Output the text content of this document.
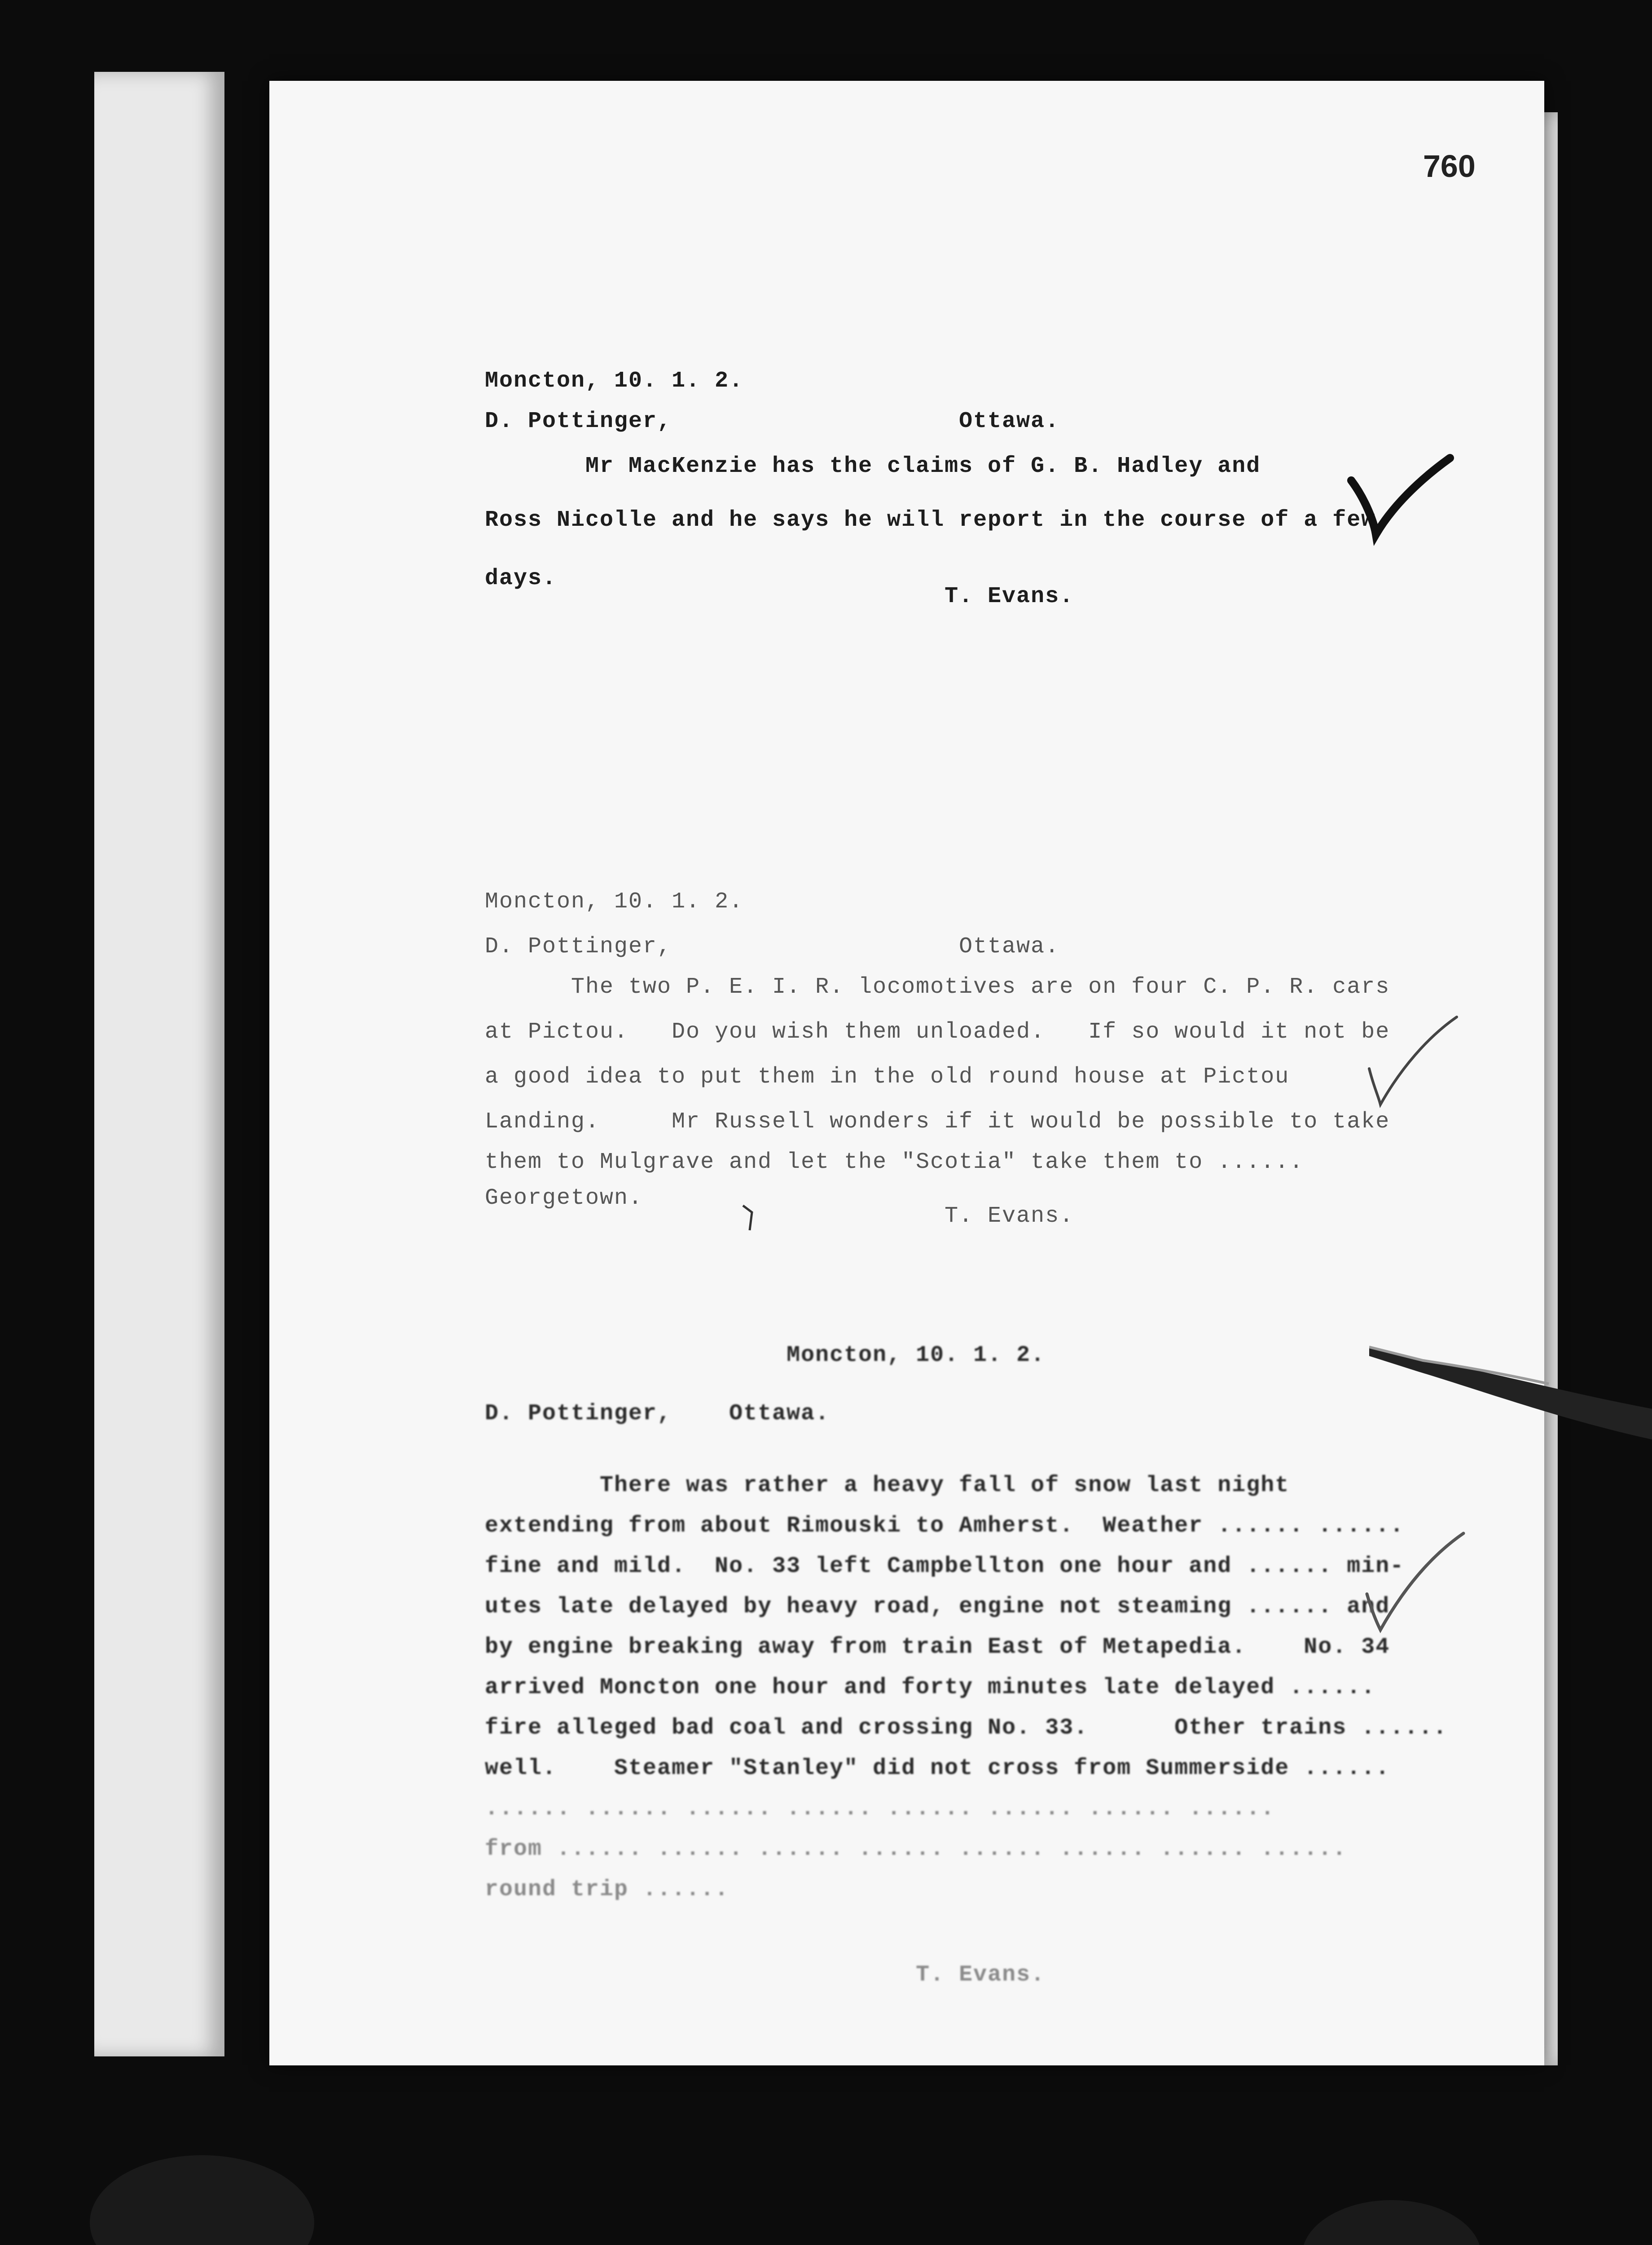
760
Moncton, 10. 1. 2.
D. Pottinger,                    Ottawa.
Mr MacKenzie has the claims of G. B. Hadley and
Ross Nicolle and he says he will report in the course of a few
days.
T. Evans.
Moncton, 10. 1. 2.
D. Pottinger,                    Ottawa.
The two P. E. I. R. locomotives are on four C. P. R. cars
at Pictou.   Do you wish them unloaded.   If so would it not be
a good idea to put them in the old round house at Pictou
Landing.     Mr Russell wonders if it would be possible to take
them to Mulgrave and let the "Scotia" take them to ......
Georgetown.
T. Evans.
Moncton, 10. 1. 2.
D. Pottinger,    Ottawa.
There was rather a heavy fall of snow last night
extending from about Rimouski to Amherst.  Weather ...... ......
fine and mild.  No. 33 left Campbellton one hour and ...... min-
utes late delayed by heavy road, engine not steaming ...... and
by engine breaking away from train East of Metapedia.    No. 34
arrived Moncton one hour and forty minutes late delayed ......
fire alleged bad coal and crossing No. 33.      Other trains ......
well.    Steamer "Stanley" did not cross from Summerside ......
...... ...... ...... ...... ...... ...... ...... ......
from ...... ...... ...... ...... ...... ...... ...... ......
round trip ......
T. Evans.
